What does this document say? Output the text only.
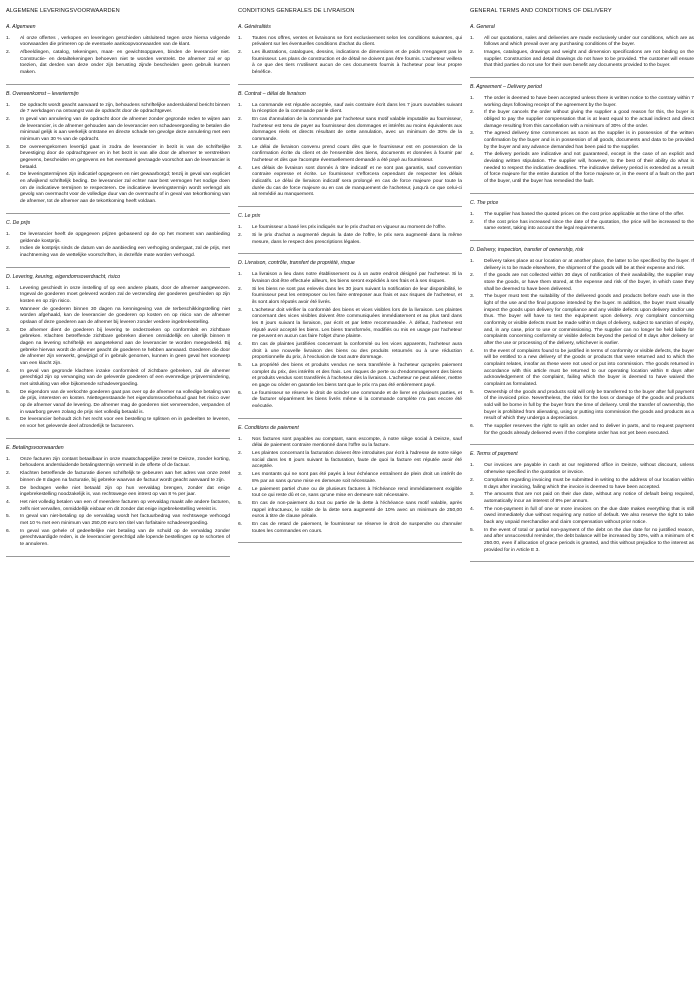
ALGEMENE LEVERINGSVOORWAARDEN
A. Algemeen
1.	Al onze offertes , verkopen en leveringen geschieden uitsluitend tegen onze hierna volgende voorwaarden die primeren op de eventuele aankoopvoorwaarden van de klant.
2.	Afbeeldingen, catalog, tekeningen, maat- en gewichtsopgaven, binden de leverancier niet. Constructie- en detailtekeningen behoeven niet te worden verstrekt. De afnemer zal er op toezien, dat derden van deze onder zijn berusting zijnde bescheiden geen gebruik kunnen maken.
B. Overeenkomst – levertermijn
1.	De opdracht wordt geacht aanvaard te zijn, behoudens schriftelijke andersluidend bericht binnen de 7 werkdagen na ontvangst van de opdracht door de opdrachtgever.
2.	In geval van annulering van de opdracht door de afnemer zonder gegronde reden te wijten aan de leverancier, is de afnemer gehouden aan de leverancier een schadevergoeding te betalen die minimaal gelijk is aan werkelijk ontstane en directe schade ten gevolge deze annulering met een minimum van 30 % van de opdracht.
3.	De overeengekomen levertijd gaat in zodra de leverancier in bezit is van de schriftelijke bevestiging door de opdrachtgever en in het bezit is van alle door de afnemer te verstrekken gegevens, bescheiden en gegevens en het eventueel gevraagde voorschot aan de leverancier is betaald.
4.	De leveringstermijnen zijn indicatief opgegeven en niet gewaarborgd; tenzij in geval van expliciet en afwijkend schriftelijk beding. De leverancier zal echter naar best vermogen het nodige doen om de indicatieve termijnen te respecteren. De indicatieve leveringstermijn wordt verlengd als gevolg van overmacht voor de volledige duur van de overmacht of in geval van tekortkoming van de afnemer, tot de afnemer aan de tekortkoming heeft voldaan.
C. De prijs
1.	De leverancier heeft de opgegeven prijzen gebaseerd op de op het moment van aanbieding geldende kostprijs.
2.	Indien de kostprijs sinds de datum van de aanbieding een verhoging ondergaat, zal de prijs, met inachtneming van de wettelijke voorschriften, in dezelfde mate worden verhoogd.
D. Levering, keuring, eigendomsoverdracht, risico
1.	Levering geschiedt in onze instelling of op een andere plaats, door de afnemer aangewezen. Ingeval de goederen moet geleverd worden zal de verzending der goederen geschieden op zijn kosten en op zijn risico.
2.	Wanneer de goederen binnen 30 dagen na kennisgeving van de terbeschikkingstelling niet worden afgehaald, kan de leverancier de goederen op kosten en op risico van de afnemer opslaan of deze goederen aan de afnemer bij leveren zonder verdere ingebrekestelling.
3.	De afnemer dient de goederen bij levering te onderzoeken op conformiteit en zichtbare gebreken. Klachten betreffende zichtbare gebreken dienen onmiddellijk en uiterlijk binnen 8 dagen na levering schriftelijk en aangetekend aan de leverancier te worden meegedeeld. Bij gebreke hiervan wordt de afnemer geacht de goederen te hebben aanvaard. Goederen die door de afnemer zijn verwerkt, gewijzigd of in gebruik genomen, kunnen in geen geval het voorwerp van een klacht zijn.
4.	In geval van gegronde klachten inzake conformiteit of zichtbare gebreken, zal de afnemer gerechtigd zijn op vervanging van de geleverde goederen of een evenredige prijsvermindering, met uitsluiting van elke bijkomende schadevergoeding.
5.	De eigendom van de verkochte goederen gaat pas over op de afnemer na volledige betaling van de prijs, interesten en kosten. Niettegenstaande het eigendomsvoorbehoud gaat het risico over op de afnemer vanaf de levering. De afnemer mag de goederen niet vervreemden, verpanden of in waarborg geven zolang de prijs niet volledig betaald is.
6.	De leverancier behoudt zich het recht voor een bestelling te splitsen en in gedeelten te leveren, en voor het geleverde deel afzonderlijk te factureren.
E. Betalingsvoorwaarden
1.	Onze facturen zijn contant betaalbaar in onze maatschappelijke zetel te Deinze, zonder korting, behoudens andersluidende betalingstermijn vermeld in de offerte of de factuur.
2.	Klachten betreffende de facturatie dienen schriftelijk te gebeuren aan het adres van onze zetel binnen de 8 dagen na facturatie, bij gebreke waarvan de factuur wordt geacht aanvaard te zijn.
3.	De bedragen welke niet betaald zijn op hun vervaldag brengen, zonder dat enige ingebrekestelling noodzakelijk is, van rechtswege een intrest op van 8 % per jaar.
4.	Het niet volledig betalen van een of meerdere facturen op vervaldag maakt alle andere facturen, zelfs niet vervallen, onmiddellijk eisbaar en dit zonder dat enige ingebrekestelling vereist is.
5.	In geval van niet-betaling op de vervaldag wordt het factuurbedrag van rechtswege verhoogd met 10 % met een minimum van 250,00 euro ten titel van forfaitaire schadevergoeding.
6.	In geval van gehele of gedeeltelijke niet betaling van de schuld op de vervaldag zonder gerechtvaardigde reden, is de leverancier gerechtigd alle lopende bestellingen op te schorten of te annuleren.
CONDITIONS GÉNÉRALES DE LIVRAISON
A. Généralités
1.	Toutes nos offres, ventes et livraisons se font exclusivement selon les conditions suivantes, qui prévalent sur les éventuelles conditions d'achat du client.
2.	Les illustrations, catalogues, dessins, indications de dimensions et de poids n'engagent pas le fournisseur. Les plans de construction et de détail ne doivent pas être fournis. L'acheteur veillera à ce que des tiers n'utilisent aucun de ces documents fournis à l'acheteur pour leur propre bénéfice.
B. Contrat – délai de livraison
1.	La commande est réputée acceptée, sauf avis contraire écrit dans les 7 jours ouvrables suivant la réception de la commande par le client.
2.	En cas d'annulation de la commande par l'acheteur sans motif valable imputable au fournisseur, l'acheteur est tenu de payer au fournisseur des dommages et intérêts au moins équivalents aux dommages réels et directs résultant de cette annulation, avec un minimum de 30% de la commande.
3.	Le délai de livraison convenu prend cours dès que le fournisseur est en possession de la confirmation écrite du client et de l'ensemble des biens, documents et données à fournir par l'acheteur et dès que l'acompte éventuellement demandé a été payé au fournisseur.
4.	Les délais de livraison sont donnés à titre indicatif et ne sont pas garantis, sauf convention contraire expresse et écrite. Le fournisseur s'efforcera cependant de respecter les délais indicatifs. Le délai de livraison indicatif sera prolongé en cas de force majeure pour toute la durée du cas de force majeure ou en cas de manquement de l'acheteur, jusqu'à ce que celui-ci ait remédié au manquement.
C. Le prix
1.	Le fournisseur a basé les prix indiqués sur le prix d'achat en vigueur au moment de l'offre.
2.	Si le prix d'achat a augmenté depuis la date de l'offre, le prix sera augmenté dans la même mesure, dans le respect des prescriptions légales.
D. Livraison, contrôle, transfert de propriété, risque
1.	La livraison a lieu dans notre établissement ou à un autre endroit désigné par l'acheteur. Si la livraison doit être effectuée ailleurs, les biens seront expédiés à ses frais et à ses risques.
2.	Si les biens ne sont pas enlevés dans les 30 jours suivant la notification de leur disponibilité, le fournisseur peut les entreposer ou les faire entreposer aux frais et aux risques de l'acheteur, et ils sont alors réputés avoir été livrés.
3.	L'acheteur doit vérifier la conformité des biens et vices visibles lors de la livraison. Les plaintes concernant des vices visibles doivent être communiquées immédiatement et au plus tard dans les 8 jours suivant la livraison, par écrit et par lettre recommandée. À défaut, l'acheteur est réputé avoir accepté les biens. Les biens transformés, modifiés ou mis en usage par l'acheteur ne peuvent en aucun cas faire l'objet d'une plainte.
4.	En cas de plaintes justifiées concernant la conformité ou les vices apparents, l'acheteur aura droit à une nouvelle livraison des biens ou des produits retournés ou à une réduction proportionnelle du prix, à l'exclusion de tout autre dommage.
5.	La propriété des biens et produits vendus ne sera transférée à l'acheteur qu'après paiement complet du prix, des intérêts et des frais. Les risques de perte ou d'endommagement des biens et produits vendus sont transférés à l'acheteur dès la livraison. L'acheteur ne peut aliéner, mettre en gage ou céder en garantie les biens tant que le prix n'a pas été entièrement payé.
6.	Le fournisseur se réserve le droit de scinder une commande et de livrer en plusieurs parties, et de facturer séparément les biens livrés même si la commande complète n'a pas encore été exécutée.
E. Conditions de paiement
1.	Nos factures sont payables au comptant, sans escompte, à notre siège social à Deinze, sauf délai de paiement contraire mentionné dans l'offre ou la facture.
2.	Les plaintes concernant la facturation doivent être introduites par écrit à l'adresse de notre siège social dans les 8 jours suivant la facturation, faute de quoi la facture est réputée avoir été acceptée.
3.	Les montants qui ne sont pas été payés à leur échéance entraînent de plein droit un intérêt de 8% par an sans qu'une mise en demeure soit nécessaire.
4.	Le paiement partiel d'une ou de plusieurs factures à l'échéance rend immédiatement exigible tout ce qui reste dû et ce, sans qu'une mise en demeure soit nécessaire.
5.	En cas de non-paiement du tout ou partie de la dette à l'échéance sans motif valable, après rappel infructueux, le solde de la dette sera augmenté de 10% avec un minimum de 250,00 euros à titre de clause pénale.
6.	En cas de retard de paiement, le fournisseur se réserve le droit de suspendre ou d'annuler toutes les commandes en cours.
GENERAL TERMS AND CONDITIONS OF DELIVERY
A. General
1.	All our quotations, sales and deliveries are made exclusively under our conditions, which are as follows and which prevail over any purchasing conditions of the buyer.
2.	Images, catalogues, drawings and weight and dimension specifications are not binding on the supplier. Construction and detail drawings do not have to be provided. The customer will ensure that third parties do not use for their own benefit any documents provided to the buyer.
B. Agreement – Delivery period
1.	The order is deemed to have been accepted unless there is written notice to the contrary within 7 working days following receipt of the agreement by the buyer.
2.	If the buyer cancels the order without giving the supplier a good reason for this, the buyer is obliged to pay the supplier compensation that is at least equal to the actual indirect and direct damage resulting from this cancellation with a minimum of 30% of the order.
3.	The agreed delivery time commences as soon as the supplier is in possession of the written confirmation by the buyer and is in possession of all goods, documents and data to be provided by the buyer and any advance demanded has been paid to the supplier.
4.	The delivery periods are indicative and not guaranteed, except in the case of an explicit and deviating written stipulation. The supplier will, however, to the best of their ability do what is needed to respect the indicative deadlines. The indicative delivery period is extended as a result of force majeure for the entire duration of the force majeure or, in the event of a fault on the part of the buyer, until the buyer has remedied the fault.
C. The price
1.	The supplier has based the quoted prices on the cost price applicable at the time of the offer.
2.	If the cost price has increased since the date of the quotation, the price will be increased to the same extent, taking into account the legal requirements.
D. Delivery, inspection, transfer of ownership, risk
1.	Delivery takes place at our location or at another place, the latter to be specified by the buyer. If delivery is to be made elsewhere, the shipment of the goods will be at their expense and risk.
2.	If the goods are not collected within 30 days of notification of their availability, the supplier may store the goods, or have them stored, at the expense and risk of the buyer, in which case they shall be deemed to have been delivered.
3.	The buyer must test the suitability of the delivered goods and products before each use in the light of the use and the final purpose intended by the buyer. In addition, the buyer must visually inspect the goods upon delivery for compliance and any visible defects upon delivery and/or use thus. The buyer will have to test the equipment upon delivery. Any complaint concerning conformity or visible defects must be made within 8 days of delivery, subject to sanction of expiry, and, in any case, prior to use or commissioning. The supplier can no longer be held liable for complaints concerning conformity or visible defects beyond the period of 8 days after delivery or after the use or processing of the delivery, whichever is earlier.
4.	In the event of complaints found to be justified in terms of conformity or visible defects, the buyer will be entitled to a new delivery of the goods or products that were returned and to which the complaint relates, insofar as these were not used or put into commission. The goods returned in accordance with this article must be returned to our operating location within 8 days after acknowledgement of the complaint, failing which the buyer is deemed to have waived the complaint as formulated.
5.	Ownership of the goods and products sold will only be transferred to the buyer after full payment of the invoiced price. Nevertheless, the risks for the loss or damage of the goods and products sold will be borne in full by the buyer from the time of delivery. Until the transfer of ownership, the buyer is prohibited from alienating, using or putting into commission the goods and products as a result of which they undergo a depreciation.
6.	The supplier reserves the right to split an order and to deliver in parts, and to request payment for the goods already delivered even if the complete order has not yet been executed.
E. Terms of payment
1.	Our invoices are payable in cash at our registered office in Deinze, without discount, unless otherwise specified in the quotation or invoice.
2.	Complaints regarding invoicing must be submitted in writing to the address of our location within 8 days after invoicing, failing which the invoice is deemed to have been accepted.
3.	The amounts that are not paid on their due date, without any notice of default being required, automatically incur an interest of 8% per annum.
4.	The non-payment in full of one or more invoices on the due date makes everything that is still owed immediately due without requiring any notice of default. We also reserve the right to take back any unpaid merchandise and claim compensation without prior notice.
5.	In the event of total or partial non-payment of the debt on the due date for no justified reason, and after unsuccessful reminder, the debt balance will be increased by 10%, with a minimum of € 250.00, even if allocation of grace periods is granted, and this without prejudice to the interest as provided for in Article E 3.
